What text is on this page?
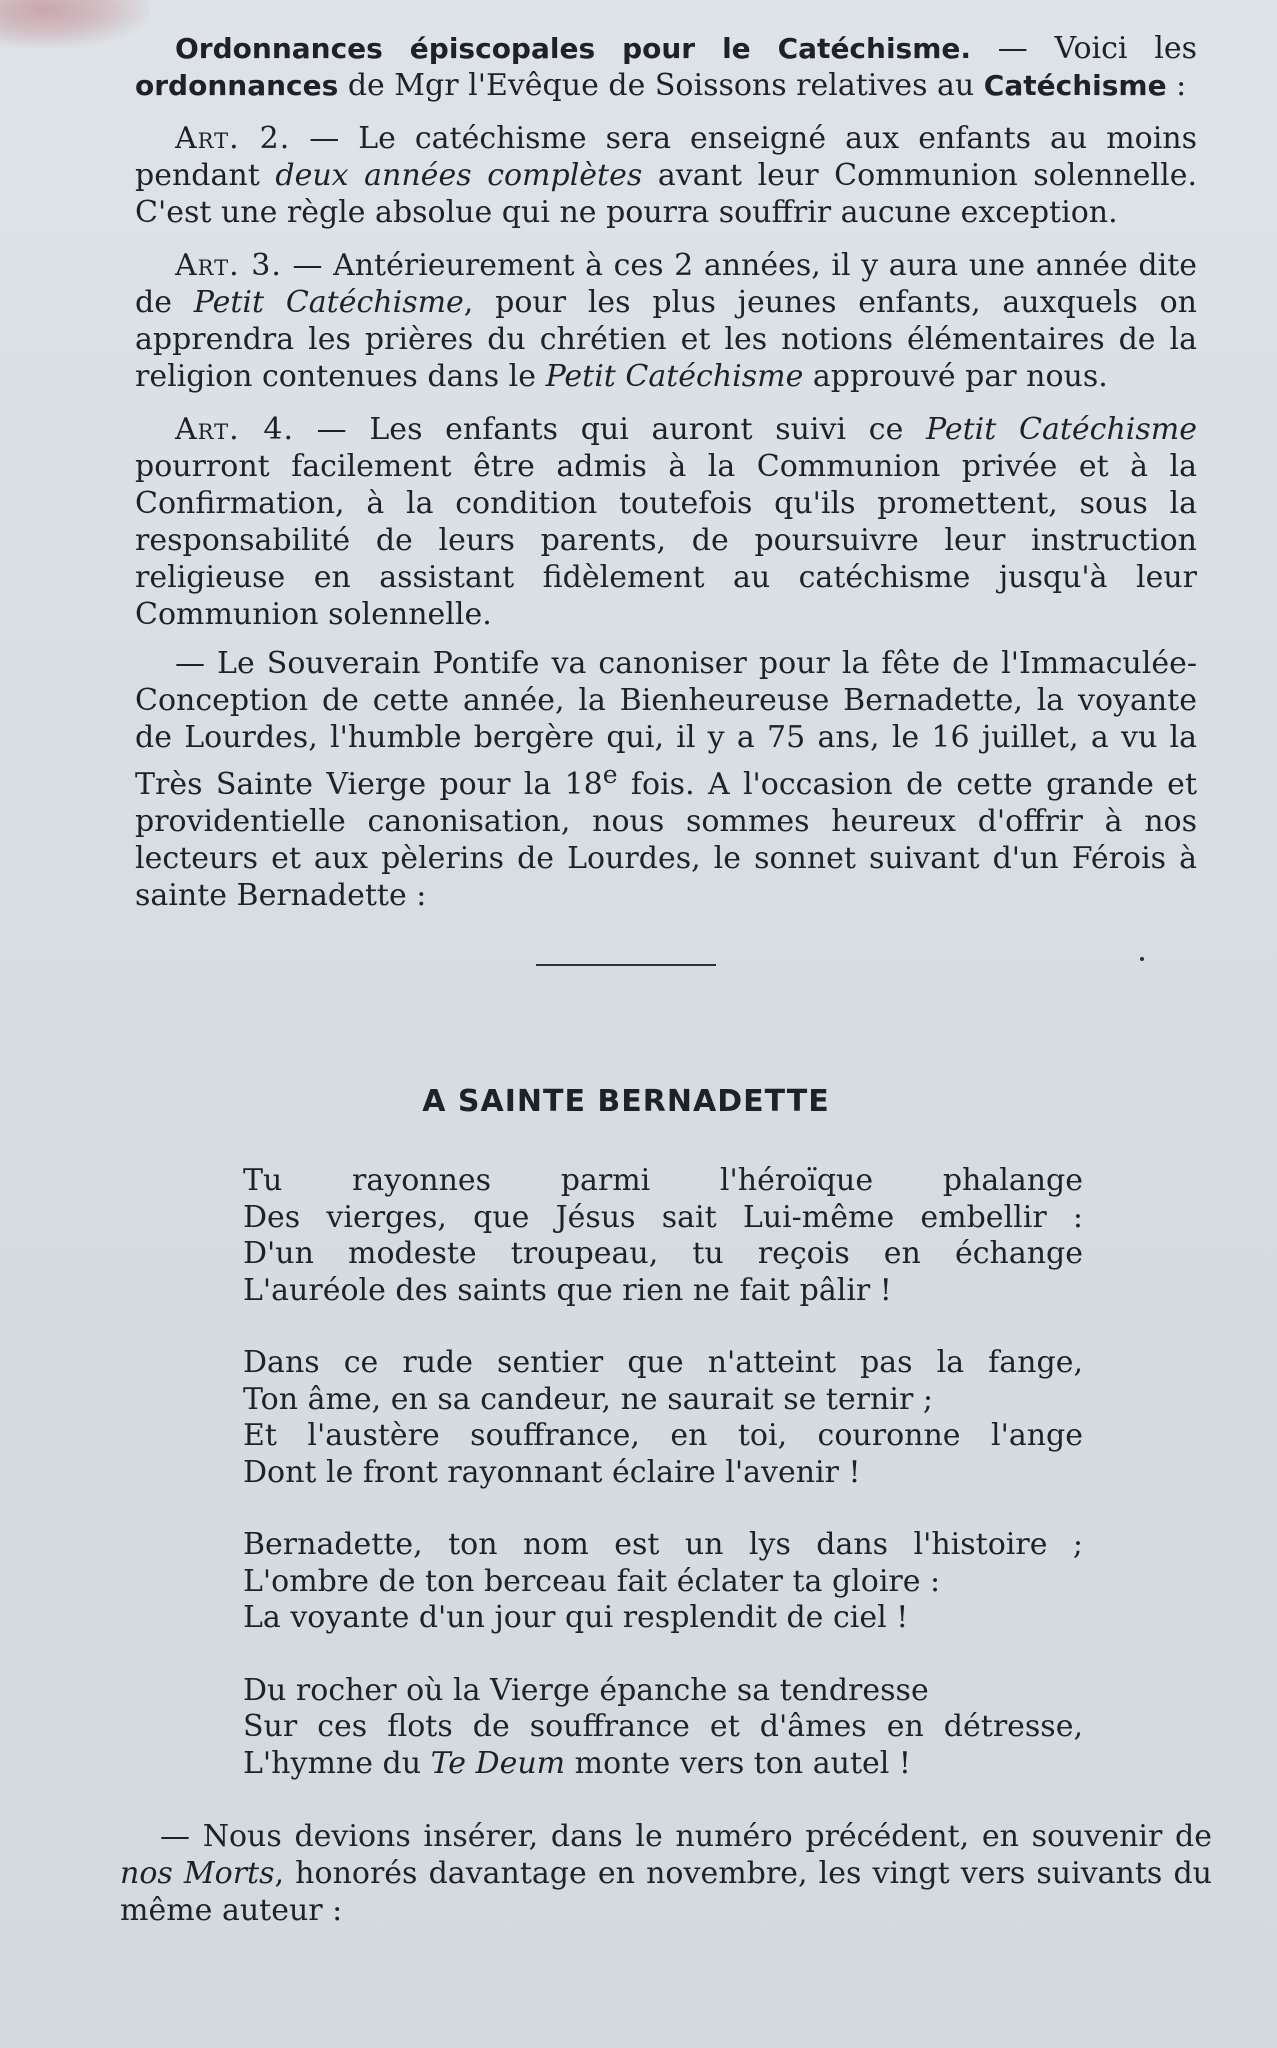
Ordonnances épiscopales pour le Catéchisme. — Voici les ordonnances de Mgr l'Evêque de Soissons relatives au Catéchisme :

Art. 2. — Le catéchisme sera enseigné aux enfants au moins pendant deux années complètes avant leur Communion solennelle. C'est une règle absolue qui ne pourra souffrir aucune exception.

Art. 3. — Antérieurement à ces 2 années, il y aura une année dite de Petit Catéchisme, pour les plus jeunes enfants, auxquels on apprendra les prières du chrétien et les notions élémentaires de la religion contenues dans le Petit Catéchisme approuvé par nous.

Art. 4. — Les enfants qui auront suivi ce Petit Catéchisme pourront facilement être admis à la Communion privée et à la Confirmation, à la condition toutefois qu'ils promettent, sous la responsabilité de leurs parents, de poursuivre leur instruction religieuse en assistant fidèlement au catéchisme jusqu'à leur Communion solennelle.

— Le Souverain Pontife va canoniser pour la fête de l'Immaculée-Conception de cette année, la Bienheureuse Bernadette, la voyante de Lourdes, l'humble bergère qui, il y a 75 ans, le 16 juillet, a vu la Très Sainte Vierge pour la 18e fois. A l'occasion de cette grande et providentielle canonisation, nous sommes heureux d'offrir à nos lecteurs et aux pèlerins de Lourdes, le sonnet suivant d'un Férois à sainte Bernadette :

A SAINTE BERNADETTE
Tu rayonnes parmi l'héroïque phalange
Des vierges, que Jésus sait Lui-même embellir :
D'un modeste troupeau, tu reçois en échange
L'auréole des saints que rien ne fait pâlir !
Dans ce rude sentier que n'atteint pas la fange,
Ton âme, en sa candeur, ne saurait se ternir ;
Et l'austère souffrance, en toi, couronne l'ange
Dont le front rayonnant éclaire l'avenir !
Bernadette, ton nom est un lys dans l'histoire ;
L'ombre de ton berceau fait éclater ta gloire :
La voyante d'un jour qui resplendit de ciel !
Du rocher où la Vierge épanche sa tendresse
Sur ces flots de souffrance et d'âmes en détresse,
L'hymne du Te Deum monte vers ton autel !

— Nous devions insérer, dans le numéro précédent, en souvenir de nos Morts, honorés davantage en novembre, les vingt vers suivants du même auteur :
